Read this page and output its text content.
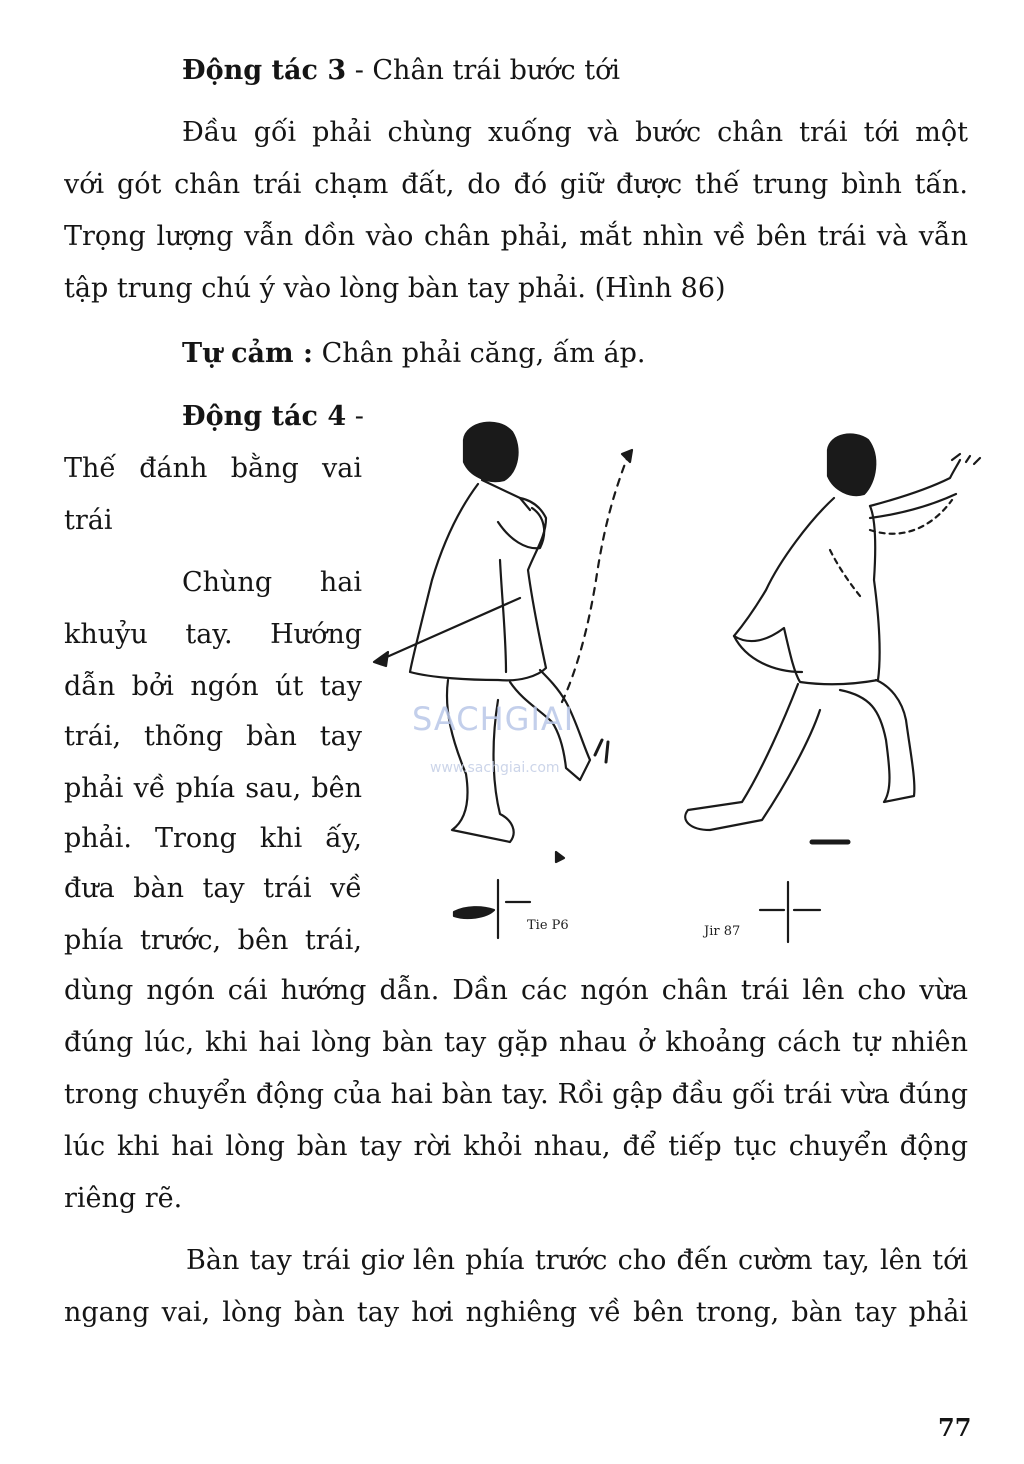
Động tác 3 - Chân trái bước tới
Đầu gối phải chùng xuống và bước chân trái tới một
với gót chân trái chạm đất, do đó giữ được thế trung bình tấn.
Trọng lượng vẫn dồn vào chân phải, mắt nhìn về bên trái và vẫn
tập trung chú ý vào lòng bàn tay phải. (Hình 86)
Tự cảm : Chân phải căng, ấm áp.
Động tác 4 -
Thế đánh bằng vai
trái
Chùng hai
khuỷu tay. Hướng
dẫn bởi ngón út tay
trái, thõng bàn tay
phải về phía sau, bên
phải. Trong khi ấy,
đưa bàn tay trái về
phía trước, bên trái,	Tie P6	Jir 87
SACHGIAI
www.sachgiai.com
dùng ngón cái hướng dẫn. Dần các ngón chân trái lên cho vừa
đúng lúc, khi hai lòng bàn tay gặp nhau ở khoảng cách tự nhiên
trong chuyển động của hai bàn tay. Rồi gập đầu gối trái vừa đúng
lúc khi hai lòng bàn tay rời khỏi nhau, để tiếp tục chuyển động
riêng rẽ.
Bàn tay trái giơ lên phía trước cho đến cườm tay, lên tới
ngang vai, lòng bàn tay hơi nghiêng về bên trong, bàn tay phải
77
